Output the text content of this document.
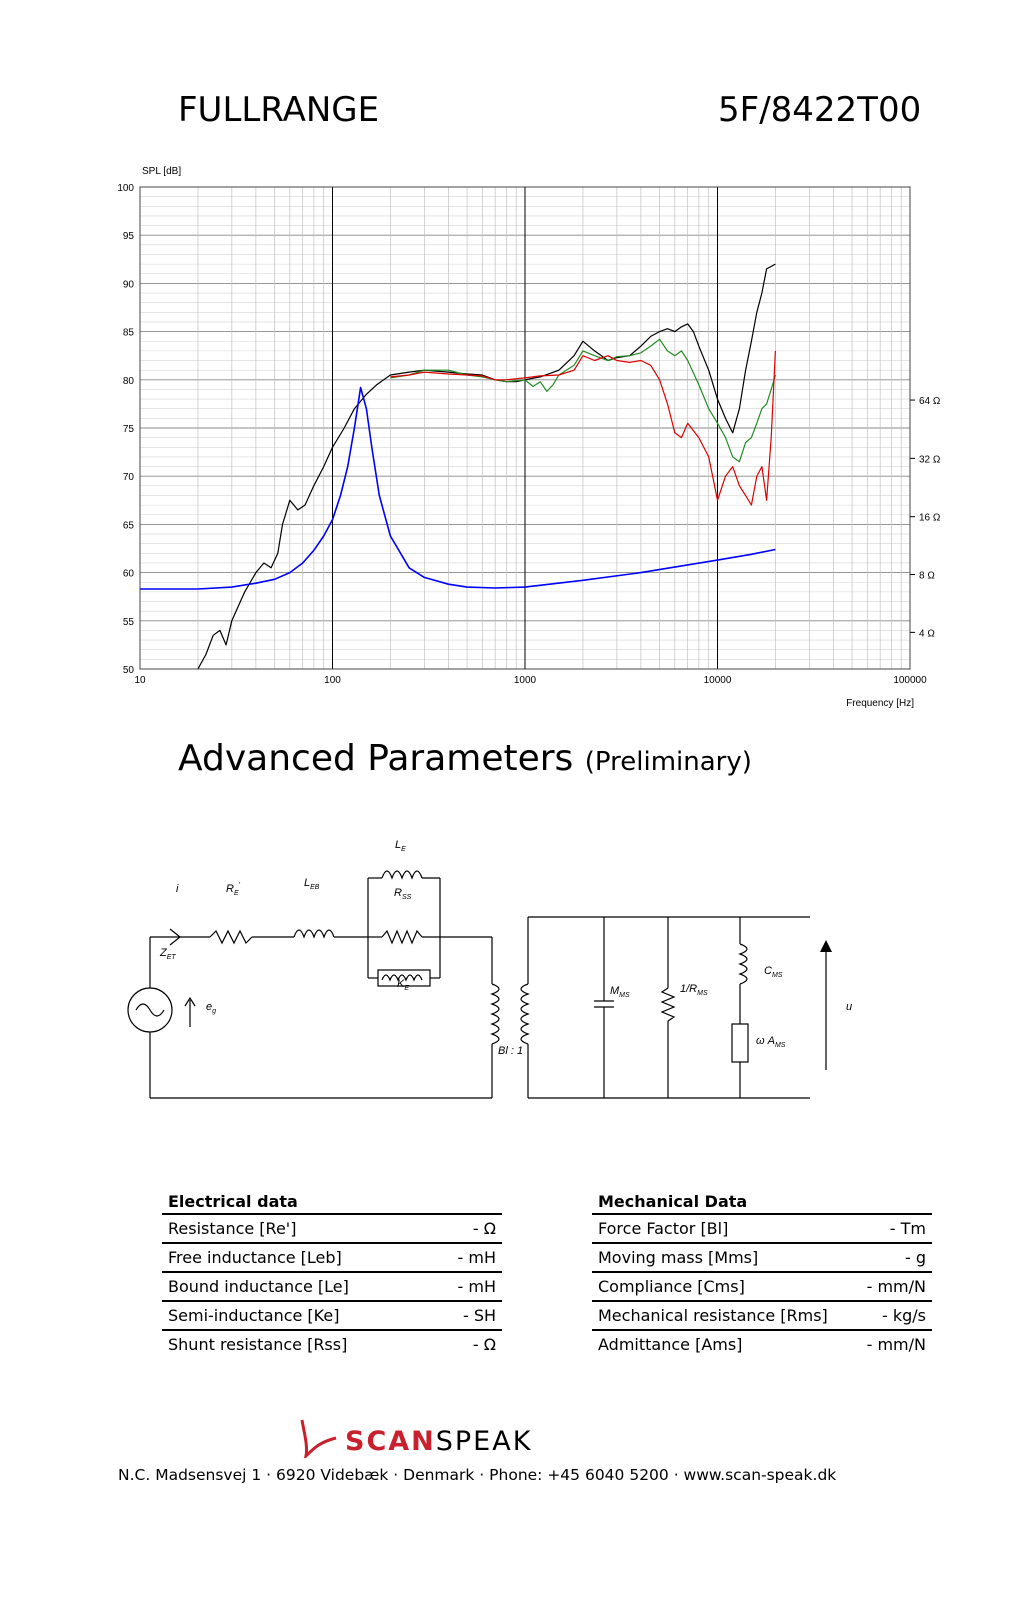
FULLRANGE	5F/8422T00
SPL [dB]
Frequency [Hz]
100
95
90
85
80
75
70
65
60
55
50
10	100	1000	10000	100000
64 Ω
32 Ω
16 Ω
8 Ω
4 Ω
Advanced Parameters (Preliminary)
i	$R_E'$	$L_{EB}$
$L_E$
$R_{SS}$
$K_E$
$Z_{ET}$
$e_g$
Bl : 1
$M_{MS}$
$1/R_{MS}$
$C_{MS}$
ω $A_{MS}$
u
Electrical data
Resistance [Re']	- Ω
Free inductance [Leb]	- mH
Bound inductance [Le]	- mH
Semi-inductance [Ke]	- SH
Shunt resistance [Rss]	- Ω
Mechanical Data
Force Factor [Bl]	- Tm
Moving mass [Mms]	- g
Compliance [Cms]	- mm/N
Mechanical resistance [Rms]	- kg/s
Admittance [Ams]	- mm/N
SCANSPEAK
N.C. Madsensvej 1 · 6920 Videbæk · Denmark · Phone: +45 6040 5200 · www.scan-speak.dk
